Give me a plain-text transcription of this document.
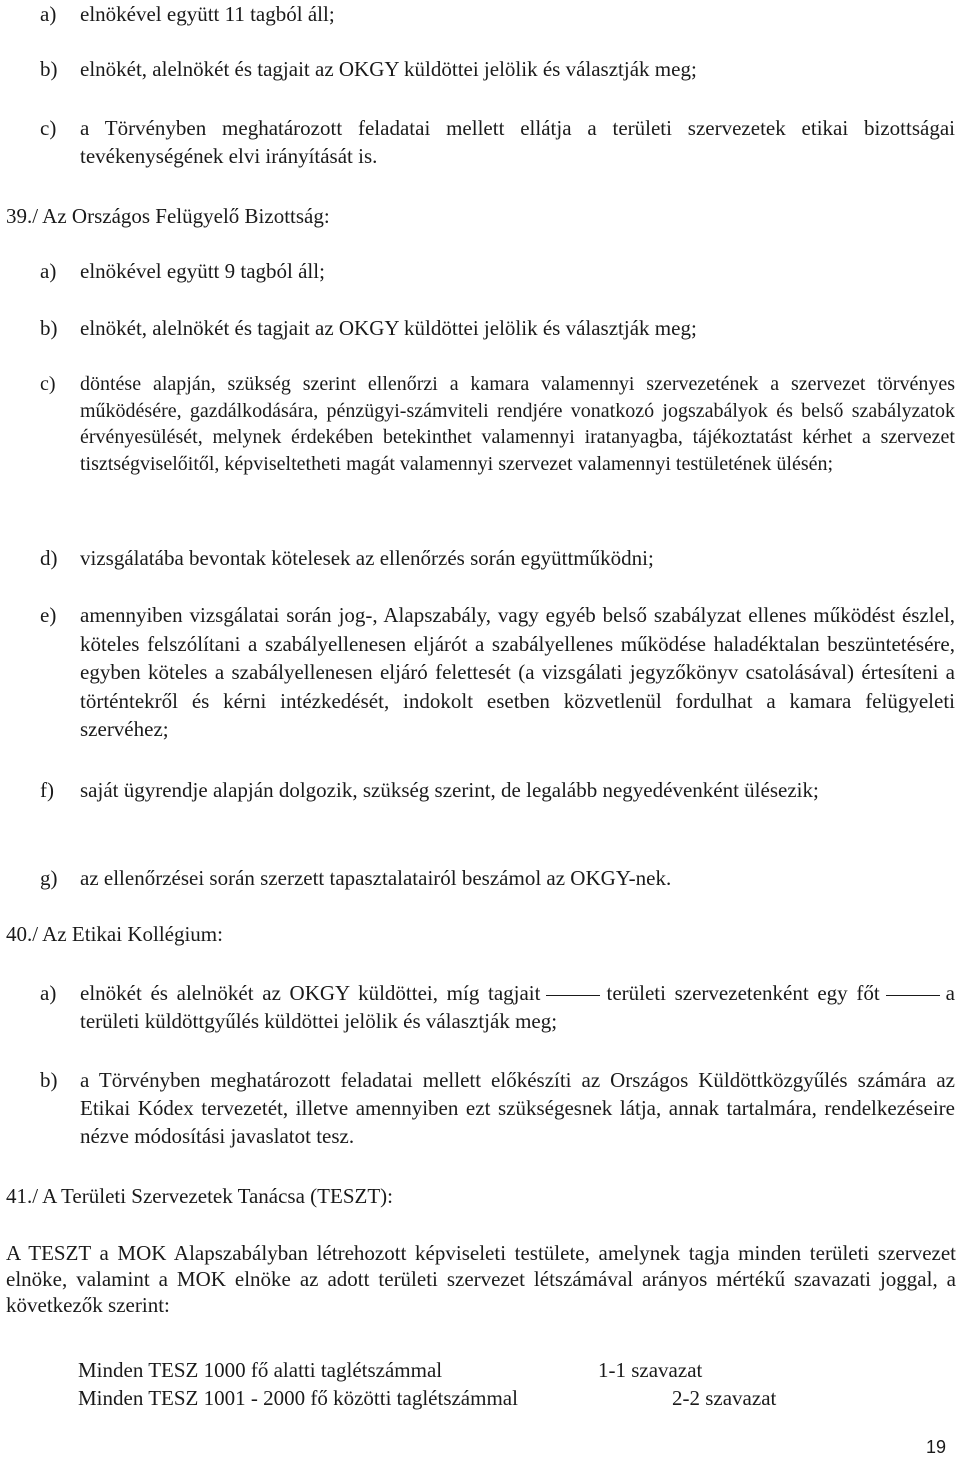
a) elnökével együtt 11 tagból áll;
b) elnökét, alelnökét és tagjait az OKGY küldöttei jelölik és választják meg;
c) a Törvényben meghatározott feladatai mellett ellátja a területi szervezetek etikai bizottságai tevékenységének elvi irányítását is.
39./ Az Országos Felügyelő Bizottság:
a) elnökével együtt 9 tagból áll;
b) elnökét, alelnökét és tagjait az OKGY küldöttei jelölik és választják meg;
c) döntése alapján, szükség szerint ellenőrzi a kamara valamennyi szervezetének a szervezet törvényes működésére, gazdálkodására, pénzügyi-számviteli rendjére vonatkozó jogszabályok és belső szabályzatok érvényesülését, melynek érdekében betekinthet valamennyi iratanyagba, tájékoztatást kérhet a szervezet tisztségviselőitől, képviseltetheti magát valamennyi szervezet valamennyi testületének ülésén;
d) vizsgálatába bevontak kötelesek az ellenőrzés során együttműködni;
e) amennyiben vizsgálatai során jog-, Alapszabály, vagy egyéb belső szabályzat ellenes működést észlel, köteles felszólítani a szabályellenesen eljárót a szabályellenes működése haladéktalan beszüntetésére, egyben köteles a szabályellenesen eljáró felettesét (a vizsgálati jegyzőkönyv csatolásával) értesíteni a történtekről és kérni intézkedését, indokolt esetben közvetlenül fordulhat a kamara felügyeleti szervéhez;
f) saját ügyrendje alapján dolgozik, szükség szerint, de legalább negyedévenként ülésezik;
g) az ellenőrzései során szerzett tapasztalatairól beszámol az OKGY-nek.
40./ Az Etikai Kollégium:
a) elnökét és alelnökét az OKGY küldöttei, míg tagjait	területi szervezetenként egy főt	a területi küldöttgyűlés küldöttei jelölik és választják meg;
b) a Törvényben meghatározott feladatai mellett előkészíti az Országos Küldöttközgyűlés számára az Etikai Kódex tervezetét, illetve amennyiben ezt szükségesnek látja, annak tartalmára, rendelkezéseire nézve módosítási javaslatot tesz.
41./ A Területi Szervezetek Tanácsa (TESZT):
A TESZT a MOK Alapszabályban létrehozott képviseleti testülete, amelynek tagja minden területi szervezet elnöke, valamint a MOK elnöke az adott területi szervezet létszámával arányos mértékű szavazati joggal, a következők szerint:
Minden TESZ 1000 fő alatti taglétszámmal	1-1 szavazat
Minden TESZ 1001 - 2000 fő közötti taglétszámmal	2-2 szavazat
19
